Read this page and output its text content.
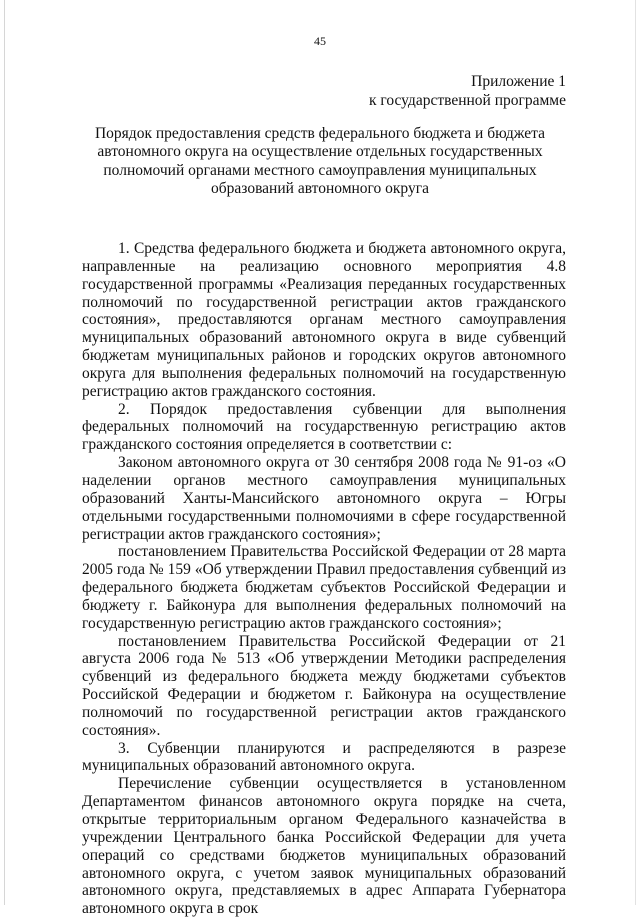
45
Приложение 1
к государственной программе
Порядок предоставления средств федерального бюджета и бюджета автономного округа на осуществление отдельных государственных полномочий органами местного самоуправления муниципальных образований автономного округа

1. Средства федерального бюджета и бюджета автономного округа, направленные на реализацию основного мероприятия 4.8 государственной программы «Реализация переданных государственных полномочий по государственной регистрации актов гражданского состояния», предоставляются органам местного самоуправления муниципальных образований автономного округа в виде субвенций бюджетам муниципальных районов и городских округов автономного округа для выполнения федеральных полномочий на государственную регистрацию актов гражданского состояния.

2. Порядок предоставления субвенции для выполнения федеральных полномочий на государственную регистрацию актов гражданского состояния определяется в соответствии с:

Законом автономного округа от 30 сентября 2008 года № 91-оз «О наделении органов местного самоуправления муниципальных образований Ханты-Мансийского автономного округа – Югры отдельными государственными полномочиями в сфере государственной регистрации актов гражданского состояния»;

постановлением Правительства Российской Федерации от 28 марта 2005 года № 159 «Об утверждении Правил предоставления субвенций из федерального бюджета бюджетам субъектов Российской Федерации и бюджету г. Байконура для выполнения федеральных полномочий на государственную регистрацию актов гражданского состояния»;

постановлением Правительства Российской Федерации от 21 августа 2006 года № 513 «Об утверждении Методики распределения субвенций из федерального бюджета между бюджетами субъектов Российской Федерации и бюджетом г. Байконура на осуществление полномочий по государственной регистрации актов гражданского состояния».

3. Субвенции планируются и распределяются в разрезе муниципальных образований автономного округа.

Перечисление субвенции осуществляется в установленном Департаментом финансов автономного округа порядке на счета, открытые территориальным органом Федерального казначейства в учреждении Центрального банка Российской Федерации для учета операций со средствами бюджетов муниципальных образований автономного округа, с учетом заявок муниципальных образований автономного округа, представляемых в адрес Аппарата Губернатора автономного округа в срок
